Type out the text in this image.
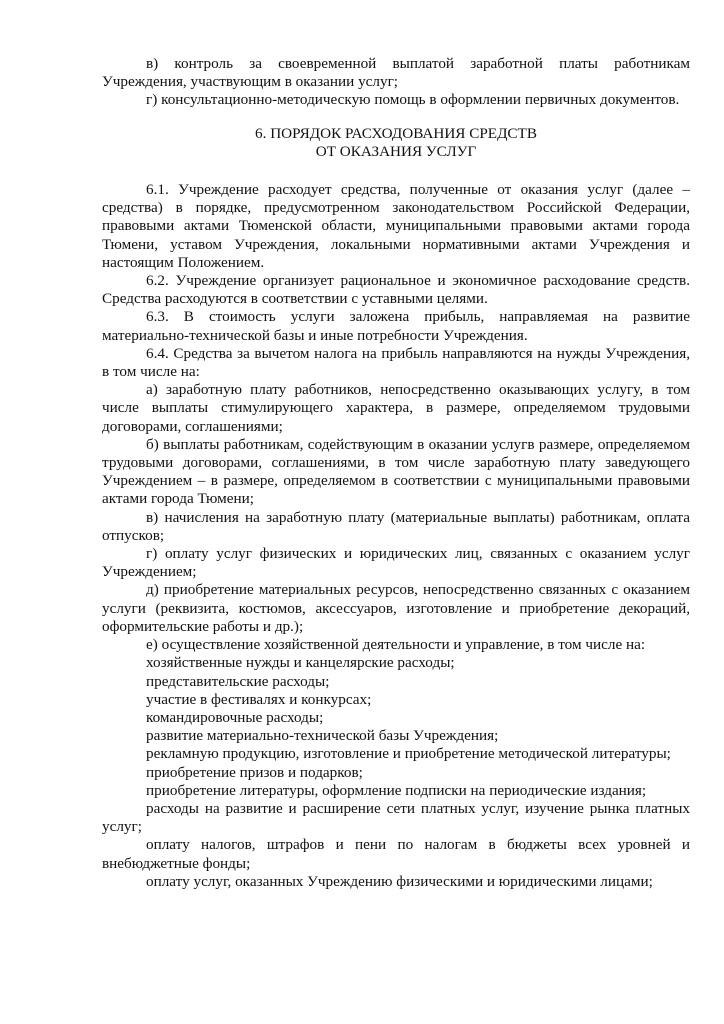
в) контроль за своевременной выплатой заработной платы работникам Учреждения, участвующим в оказании услуг;

г) консультационно-методическую помощь в оформлении первичных документов.

6. ПОРЯДОК РАСХОДОВАНИЯ СРЕДСТВ
ОТ ОКАЗАНИЯ УСЛУГ

6.1. Учреждение расходует средства, полученные от оказания услуг (далее – средства) в порядке, предусмотренном законодательством Российской Федерации, правовыми актами Тюменской области, муниципальными правовыми актами города Тюмени, уставом Учреждения, локальными нормативными актами Учреждения и настоящим Положением.

6.2. Учреждение организует рациональное и экономичное расходование средств. Средства расходуются в соответствии с уставными целями.

6.3. В стоимость услуги заложена прибыль, направляемая на развитие материально-технической базы и иные потребности Учреждения.

6.4. Средства за вычетом налога на прибыль направляются на нужды Учреждения, в том числе на:

а) заработную плату работников, непосредственно оказывающих услугу, в том числе выплаты стимулирующего характера, в размере, определяемом трудовыми договорами, соглашениями;

б) выплаты работникам, содействующим в оказании услугв размере, определяемом трудовыми договорами, соглашениями, в том числе заработную плату заведующего Учреждением – в размере, определяемом в соответствии с муниципальными правовыми актами города Тюмени;

в) начисления на заработную плату (материальные выплаты) работникам, оплата отпусков;

г) оплату услуг физических и юридических лиц, связанных с оказанием услуг Учреждением;

д) приобретение материальных ресурсов, непосредственно связанных с оказанием услуги (реквизита, костюмов, аксессуаров, изготовление и приобретение декораций, оформительские работы и др.);

е) осуществление хозяйственной деятельности и управление, в том числе на:

хозяйственные нужды и канцелярские расходы;

представительские расходы;

участие в фестивалях и конкурсах;

командировочные расходы;

развитие материально-технической базы Учреждения;

рекламную продукцию, изготовление и приобретение методической литературы;

приобретение призов и подарков;

приобретение литературы, оформление подписки на периодические издания;

расходы на развитие и расширение сети платных услуг, изучение рынка платных услуг;

оплату налогов, штрафов и пени по налогам в бюджеты всех уровней и внебюджетные фонды;

оплату услуг, оказанных Учреждению физическими и юридическими лицами;
